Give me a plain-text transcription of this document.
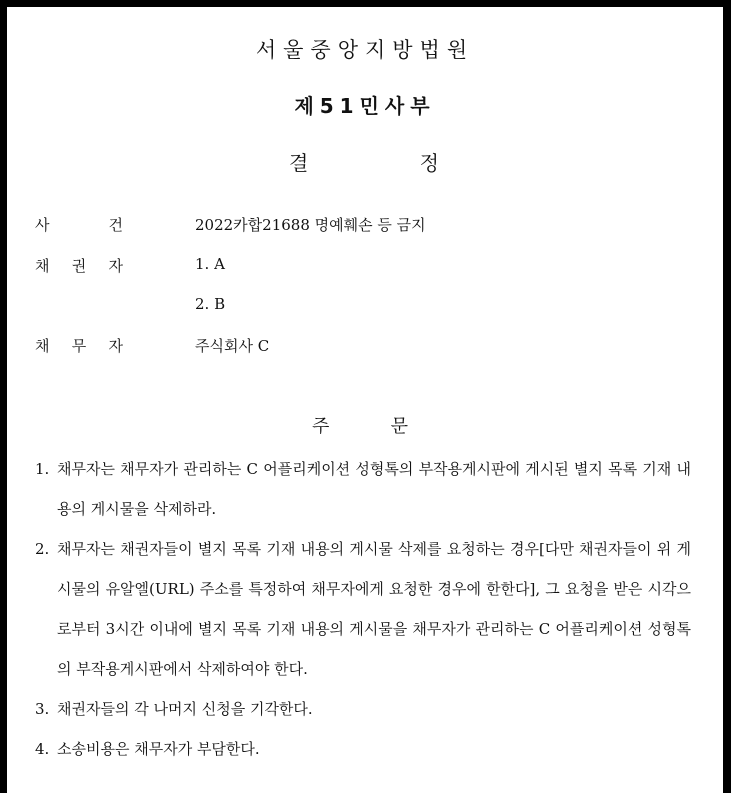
서울중앙지방법원
제51민사부
결	정
사	건	2022카합21688 명예훼손 등 금지
채 권 자	1. A
2. B
채 무 자	주식회사 C
주	문
1. 채무자는 채무자가 관리하는 C 어플리케이션 성형톡의 부작용게시판에 게시된 별지 목록 기재 내용의 게시물을 삭제하라.
2. 채무자는 채권자들이 별지 목록 기재 내용의 게시물 삭제를 요청하는 경우[다만 채권자들이 위 게시물의 유알엘(URL) 주소를 특정하여 채무자에게 요청한 경우에 한한다], 그 요청을 받은 시각으로부터 3시간 이내에 별지 목록 기재 내용의 게시물을 채무자가 관리하는 C 어플리케이션 성형톡의 부작용게시판에서 삭제하여야 한다.
3. 채권자들의 각 나머지 신청을 기각한다.
4. 소송비용은 채무자가 부담한다.
